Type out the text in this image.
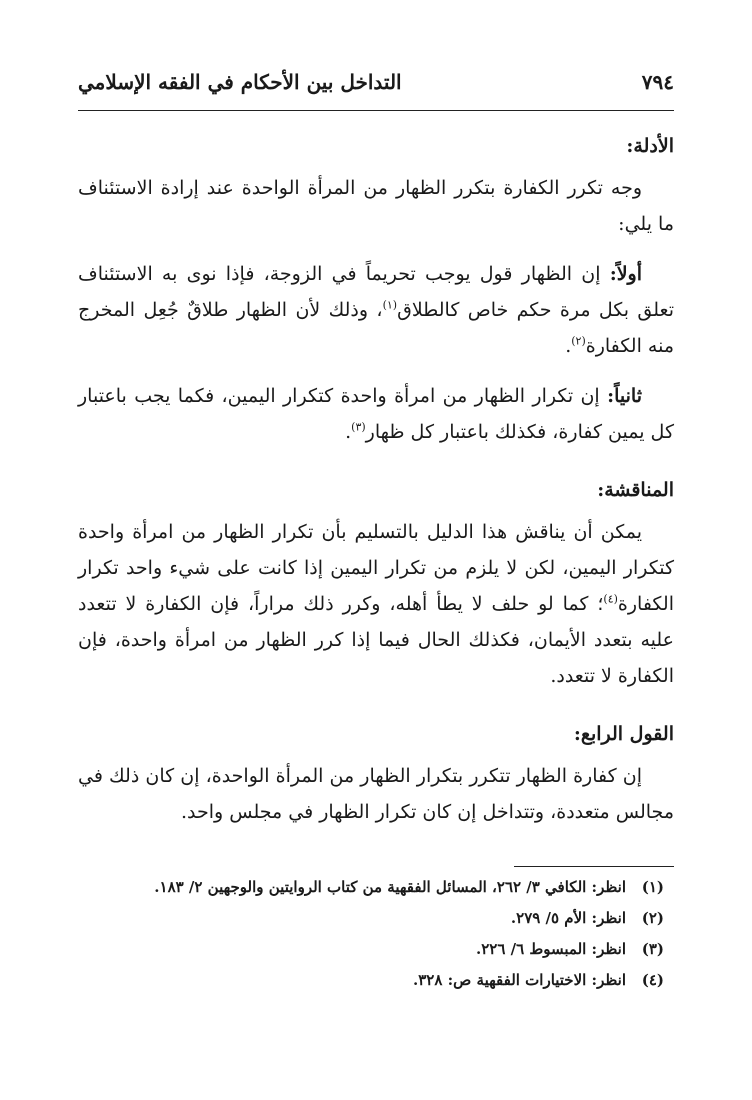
٧٩٤
التداخل بين الأحكام في الفقه الإسلامي
الأدلة:

وجه تكرر الكفارة بتكرر الظهار من المرأة الواحدة عند إرادة الاستئناف ما يلي:

أولاً: إن الظهار قول يوجب تحريماً في الزوجة، فإذا نوى به الاستئناف تعلق بكل مرة حكم خاص كالطلاق$^{(١)}$، وذلك لأن الظهار طلاقٌ جُعِل المخرج منه الكفارة$^{(٢)}$.

ثانياً: إن تكرار الظهار من امرأة واحدة كتكرار اليمين، فكما يجب باعتبار كل يمين كفارة، فكذلك باعتبار كل ظهار$^{(٣)}$.

المناقشة:

يمكن أن يناقش هذا الدليل بالتسليم بأن تكرار الظهار من امرأة واحدة كتكرار اليمين، لكن لا يلزم من تكرار اليمين إذا كانت على شيء واحد تكرار الكفارة$^{(٤)}$؛ كما لو حلف لا يطأ أهله، وكرر ذلك مراراً، فإن الكفارة لا تتعدد عليه بتعدد الأيمان، فكذلك الحال فيما إذا كرر الظهار من امرأة واحدة، فإن الكفارة لا تتعدد.

القول الرابع:

إن كفارة الظهار تتكرر بتكرار الظهار من المرأة الواحدة، إن كان ذلك في مجالس متعددة، وتتداخل إن كان تكرار الظهار في مجلس واحد.

(١)
انظر: الكافي ٣/ ٢٦٢، المسائل الفقهية من كتاب الروايتين والوجهين ٢/ ١٨٣.
(٢)
انظر: الأم ٥/ ٢٧٩.
(٣)
انظر: المبسوط ٦/ ٢٢٦.
(٤)
انظر: الاختيارات الفقهية ص: ٣٢٨.
